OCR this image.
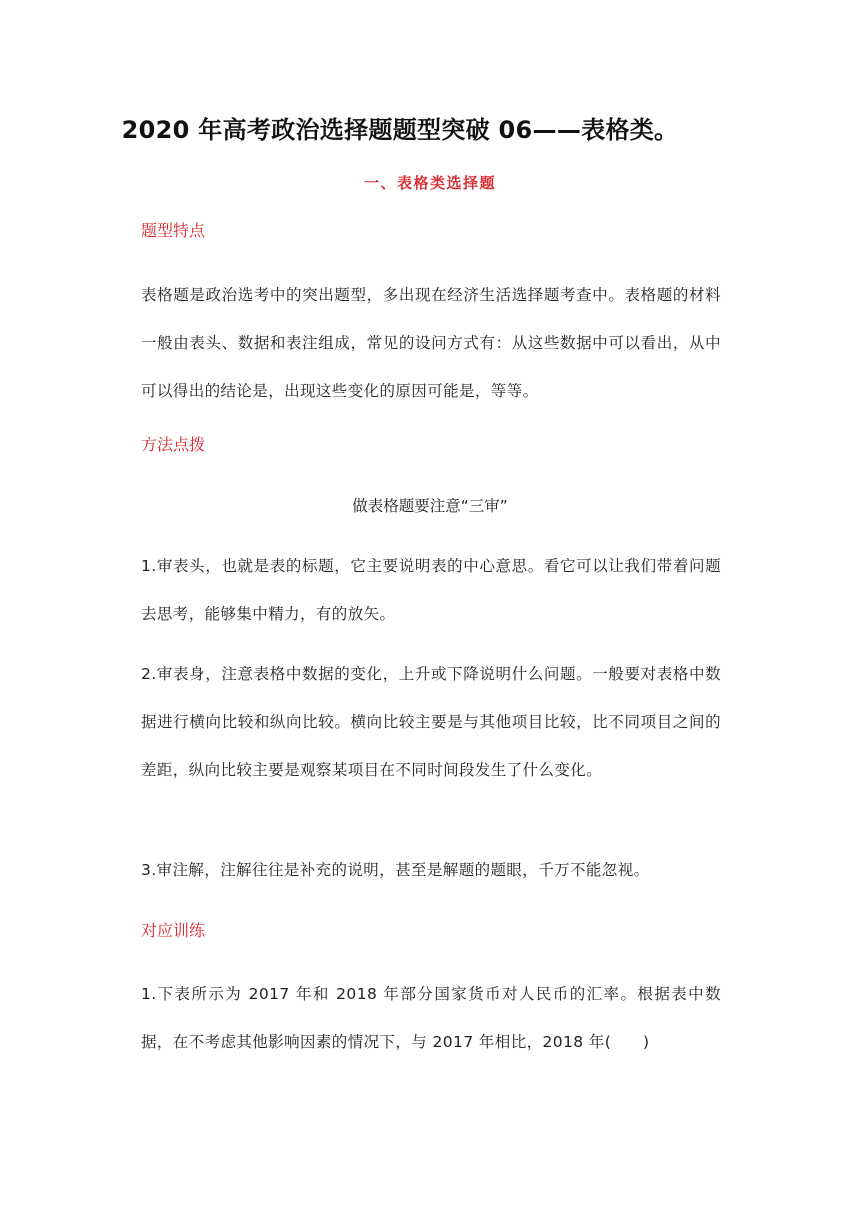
2020 年高考政治选择题题型突破 06——表格类。
一、表格类选择题
题型特点

表格题是政治选考中的突出题型，多出现在经济生活选择题考查中。表格题的材料一般由表头、数据和表注组成，常见的设问方式有：从这些数据中可以看出，从中可以得出的结论是，出现这些变化的原因可能是，等等。

方法点拨
做表格题要注意“三审”

1.审表头，也就是表的标题，它主要说明表的中心意思。看它可以让我们带着问题去思考，能够集中精力，有的放矢。

2.审表身，注意表格中数据的变化，上升或下降说明什么问题。一般要对表格中数据进行横向比较和纵向比较。横向比较主要是与其他项目比较，比不同项目之间的差距，纵向比较主要是观察某项目在不同时间段发生了什么变化。

3.审注解，注解往往是补充的说明，甚至是解题的题眼，千万不能忽视。

对应训练

1.下表所示为 2017 年和 2018 年部分国家货币对人民币的汇率。根据表中数据，在不考虑其他影响因素的情况下，与 2017 年相比，2018 年(　　)
